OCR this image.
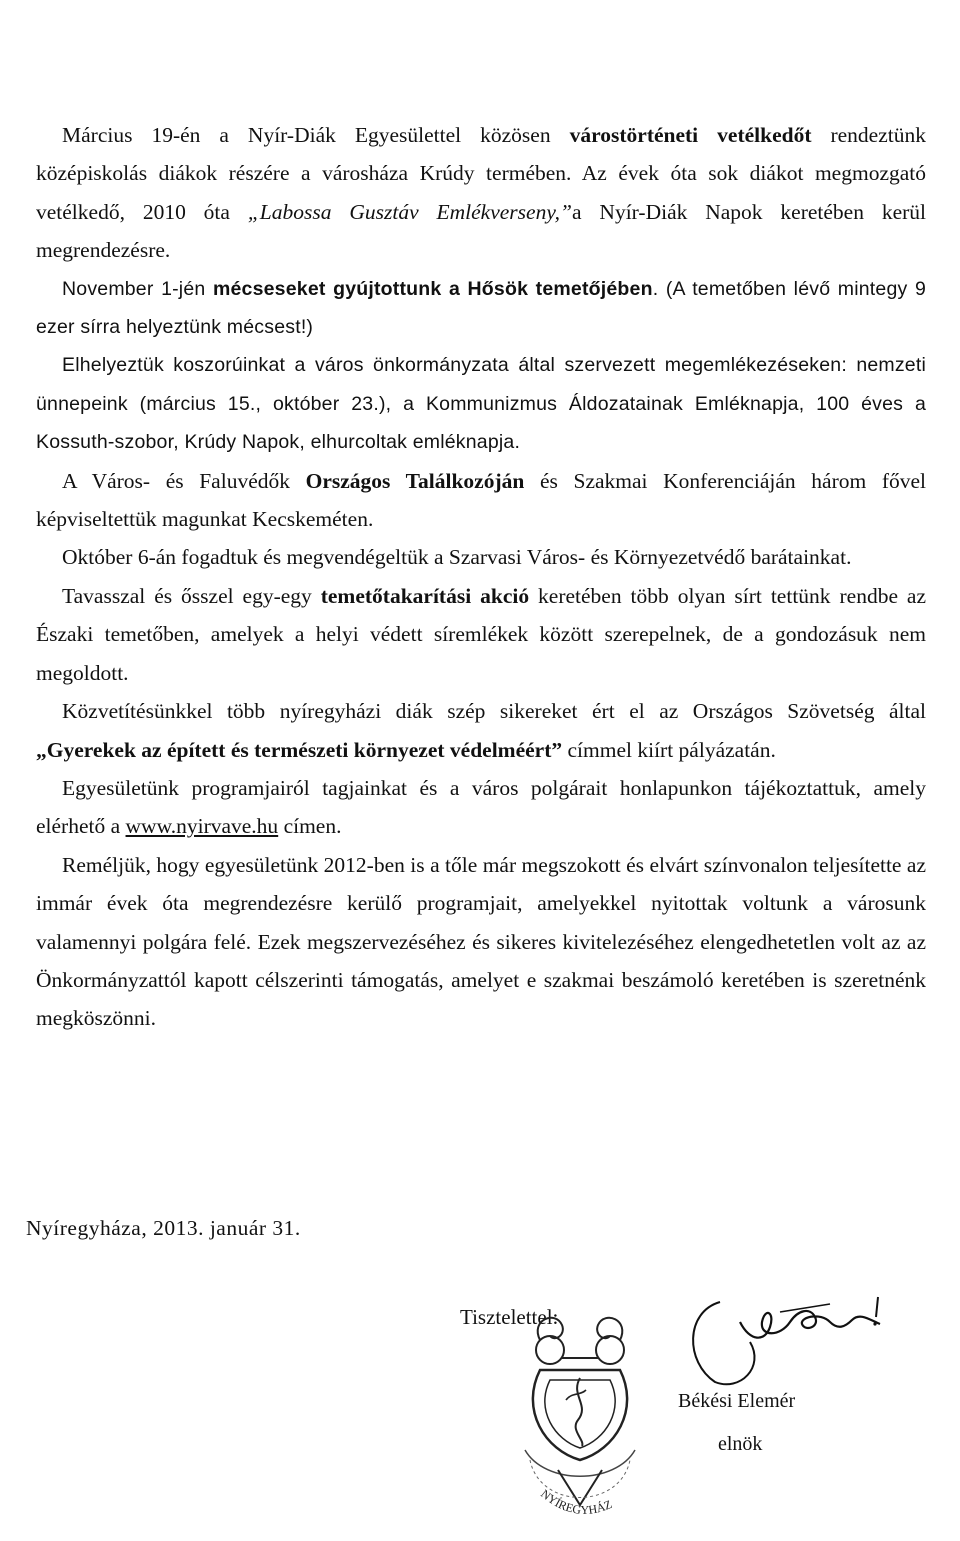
Március 19-én a Nyír-Diák Egyesülettel közösen várostörténeti vetélkedőt rendeztünk középiskolás diákok részére a városháza Krúdy termében. Az évek óta sok diákot megmozgató vetélkedő, 2010 óta „Labossa Gusztáv Emlékverseny,”a Nyír-Diák Napok keretében kerül megrendezésre.

November 1-jén mécseseket gyújtottunk a Hősök temetőjében. (A temetőben lévő mintegy 9 ezer sírra helyeztünk mécsest!)

Elhelyeztük koszorúinkat a város önkormányzata által szervezett megemlékezéseken: nemzeti ünnepeink (március 15., október 23.), a Kommunizmus Áldozatainak Emléknapja, 100 éves a Kossuth-szobor, Krúdy Napok, elhurcoltak emléknapja.

A Város- és Faluvédők Országos Találkozóján és Szakmai Konferenciáján három fővel képviseltettük magunkat Kecskeméten.

Október 6-án fogadtuk és megvendégeltük a Szarvasi Város- és Környezetvédő barátainkat.

Tavasszal és ősszel egy-egy temetőtakarítási akció keretében több olyan sírt tettünk rendbe az Északi temetőben, amelyek a helyi védett síremlékek között szerepelnek, de a gondozásuk nem megoldott.

Közvetítésünkkel több nyíregyházi diák szép sikereket ért el az Országos Szövetség által „Gyerekek az épített és természeti környezet védelméért” címmel kiírt pályázatán.

Egyesületünk programjairól tagjainkat és a város polgárait honlapunkon tájékoztattuk, amely elérhető a www.nyirvave.hu címen.

Reméljük, hogy egyesületünk 2012-ben is a tőle már megszokott és elvárt színvonalon teljesítette az immár évek óta megrendezésre kerülő programjait, amelyekkel nyitottak voltunk a városunk valamennyi polgára felé. Ezek megszervezéséhez és sikeres kivitelezéséhez elengedhetetlen volt az az Önkormányzattól kapott célszerinti támogatás, amelyet e szakmai beszámoló keretében is szeretnénk megköszönni.

Nyíregyháza, 2013. január 31.
Tisztelettel:
NYÍREGYHÁZ
Békési Elemér
elnök
